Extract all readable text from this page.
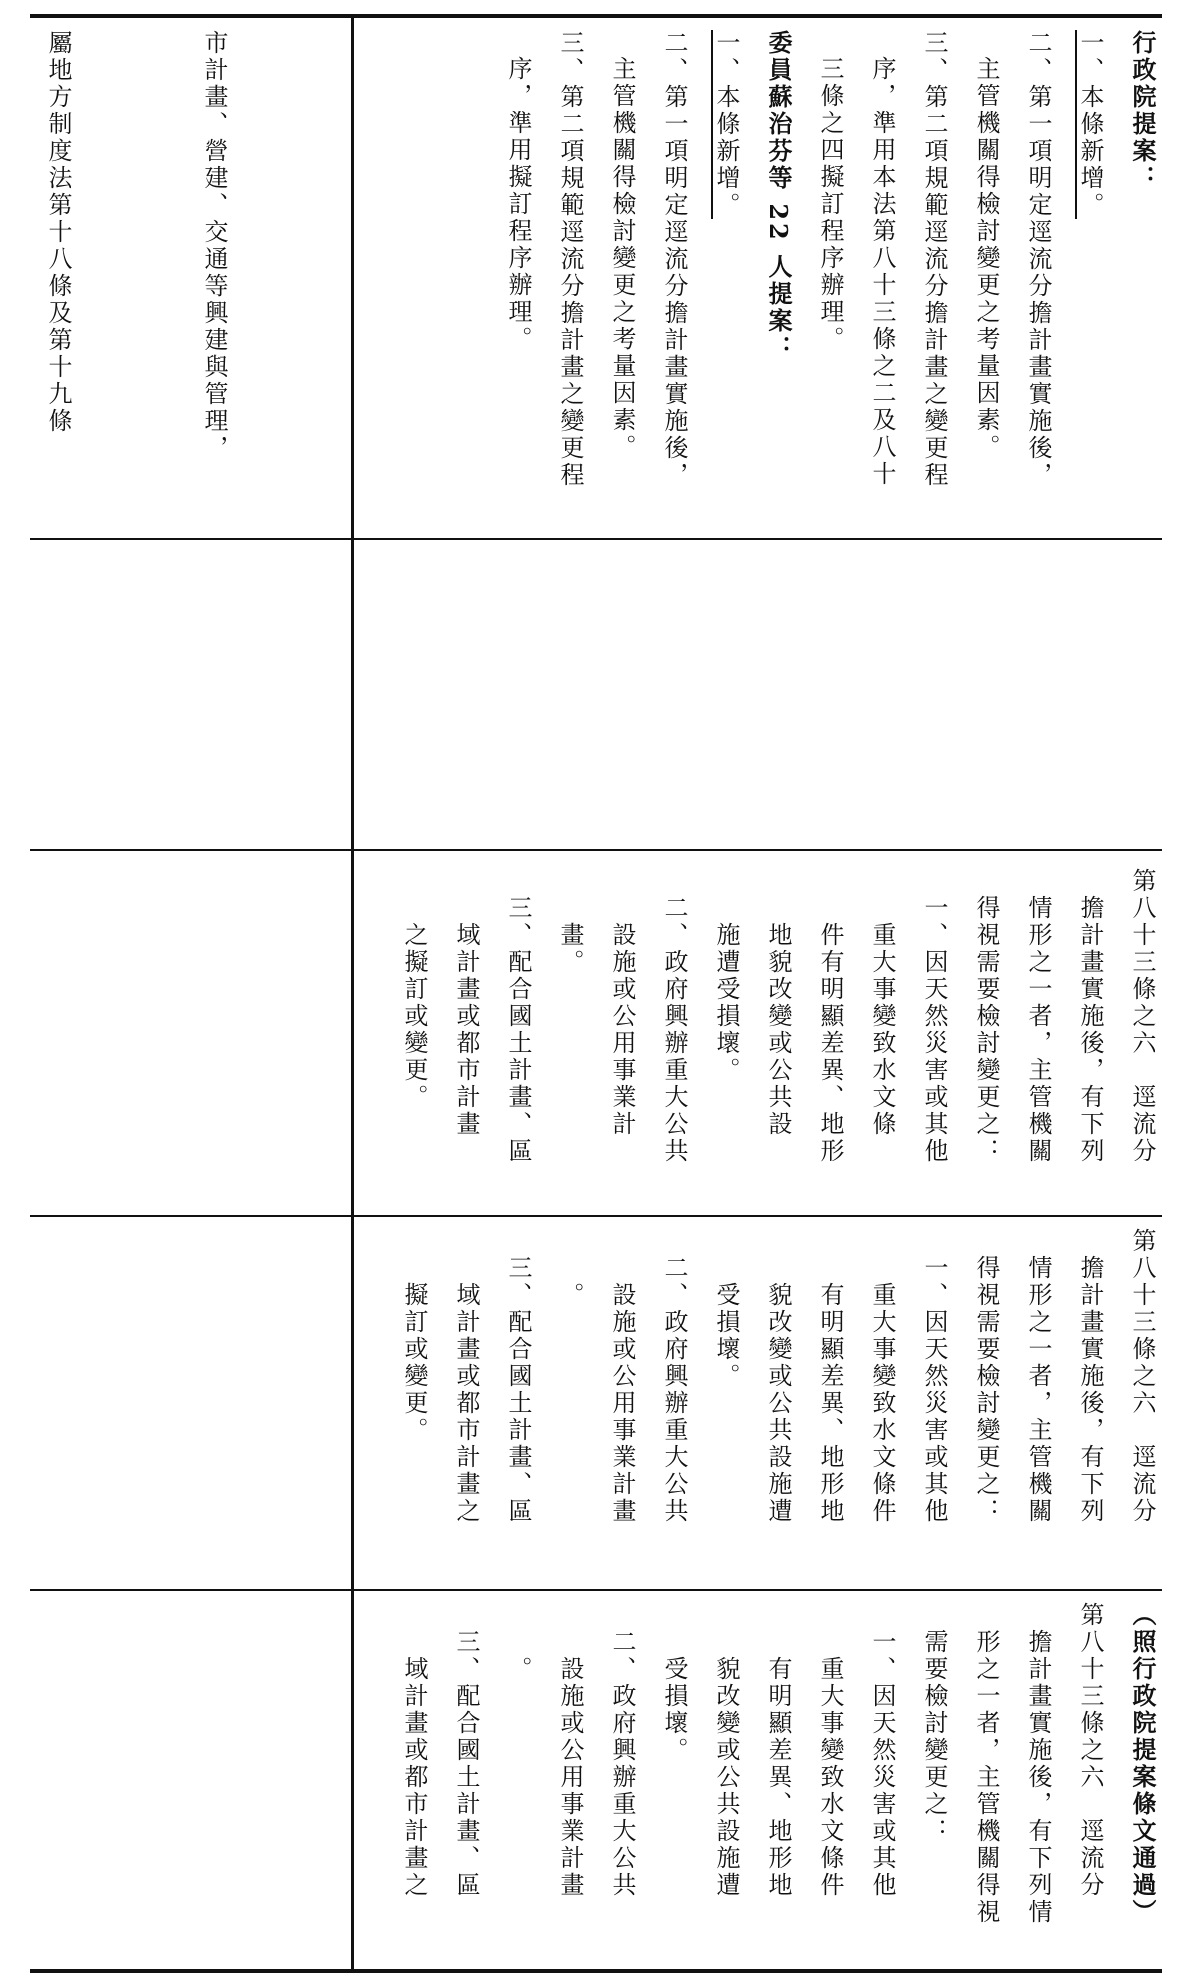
市計畫、營建、交通等興建與管理，

屬地方制度法第十八條及第十九條

	行政院提案：
一、本條新增。
二、第一項明定逕流分擔計畫實施後，
主管機關得檢討變更之考量因素。
三、第二項規範逕流分擔計畫之變更程
序，準用本法第八十三條之二及八十
三條之四擬訂程序辦理。
委員蘇治芬等 22 人提案：
一、本條新增。
二、第一項明定逕流分擔計畫實施後，
主管機關得檢討變更之考量因素。
三、第二項規範逕流分擔計畫之變更程
序，準用擬訂程序辦理。
第八十三條之六　逕流分
　擔計畫實施後，有下列
　情形之一者，主管機關
　得視需要檢討變更之：
　一、因天然災害或其他
　　重大事變致水文條
　　件有明顯差異、地形
　　地貌改變或公共設
　　施遭受損壞。
　二、政府興辦重大公共
　　設施或公用事業計
　　畫。
　三、配合國土計畫、區
　　域計畫或都市計畫
　　之擬訂或變更。
第八十三條之六　逕流分
　擔計畫實施後，有下列
　情形之一者，主管機關
　得視需要檢討變更之：
　一、因天然災害或其他
　　重大事變致水文條件
　　有明顯差異、地形地
　　貌改變或公共設施遭
　　受損壞。
　二、政府興辦重大公共
　　設施或公用事業計畫
　　。
　三、配合國土計畫、區
　　域計畫或都市計畫之
　　擬訂或變更。
（照行政院提案條文通過）
第八十三條之六　逕流分
　擔計畫實施後，有下列情
　形之一者，主管機關得視
　需要檢討變更之：
　一、因天然災害或其他
　　重大事變致水文條件
　　有明顯差異、地形地
　　貌改變或公共設施遭
　　受損壞。
　二、政府興辦重大公共
　　設施或公用事業計畫
　　。
　三、配合國土計畫、區
　　域計畫或都市計畫之
